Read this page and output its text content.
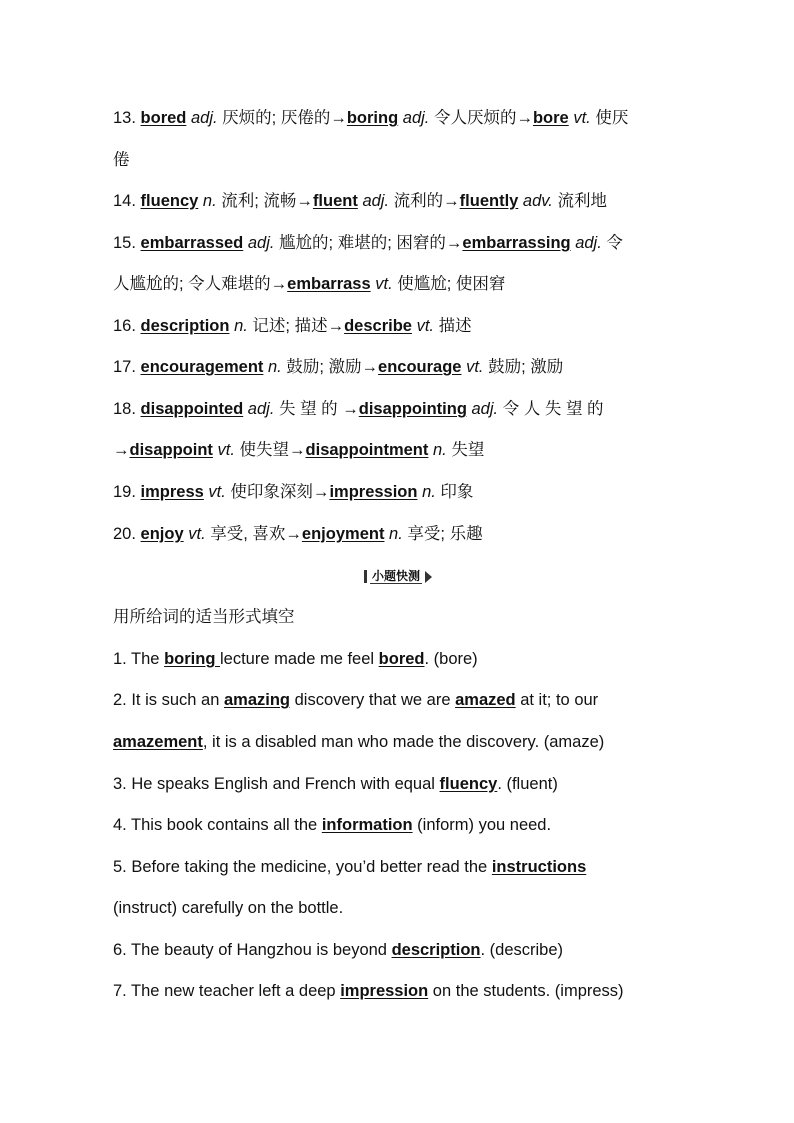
13. bored adj. 厌烦的; 厌倦的→boring adj. 令人厌烦的→bore vt. 使厌

倦

14. fluency n. 流利; 流畅→fluent adj. 流利的→fluently adv. 流利地

15. embarrassed adj. 尴尬的; 难堪的; 困窘的→embarrassing adj. 令

人尴尬的; 令人难堪的→embarrass vt. 使尴尬; 使困窘

16. description n. 记述; 描述→describe vt. 描述

17. encouragement n. 鼓励; 激励→encourage vt. 鼓励; 激励

18. disappointed adj. 失 望 的 →disappointing adj. 令 人 失 望 的

→disappoint vt. 使失望→disappointment n. 失望

19. impress vt. 使印象深刻→impression n. 印象

20. enjoy vt. 享受, 喜欢→enjoyment n. 享受; 乐趣

小题快测

用所给词的适当形式填空

1. The boring lecture made me feel bored. (bore)

2. It is such an amazing discovery that we are amazed at it; to our

amazement, it is a disabled man who made the discovery. (amaze)

3. He speaks English and French with equal fluency. (fluent)

4. This book contains all the information (inform) you need.

5. Before taking the medicine, you’d better read the instructions

(instruct) carefully on the bottle.

6. The beauty of Hangzhou is beyond description. (describe)

7. The new teacher left a deep impression on the students. (impress)
